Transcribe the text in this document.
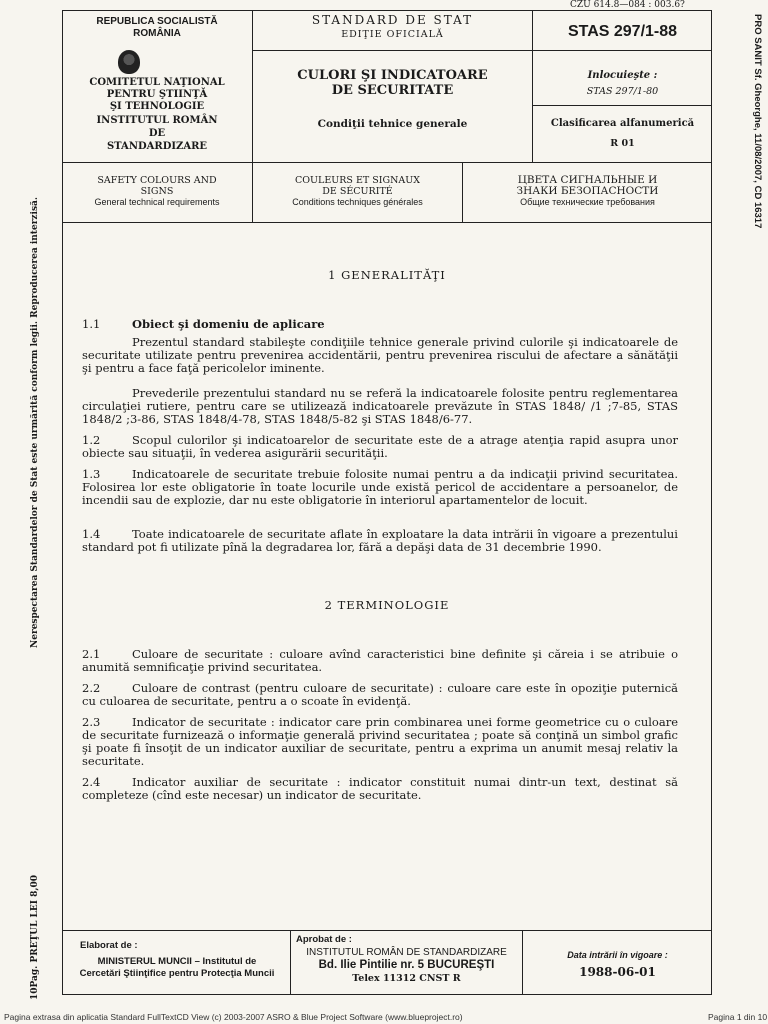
CZU 614.8—084 : 003.6?
PRO SANIT Sf. Gheorghe, 11/08/2007, CD 16317
Nerespectarea Standardelor de Stat este urmărită conform legii. Reproducerea interzisă.
10Pag. PREŢUL LEI 8,00
REPUBLICA SOCIALISTĂ
ROMÂNIA
COMITETUL NAŢIONAL
PENTRU ŞTIINŢĂ
ŞI TEHNOLOGIE
INSTITUTUL ROMÂN
DE
STANDARDIZARE
STANDARD DE STAT
EDIŢIE OFICIALĂ
CULORI ŞI INDICATOARE
DE SECURITATE
Condiţii tehnice generale
STAS 297/1-88
Inlocuieşte :
STAS 297/1-80
Clasificarea alfanumerică
R 01
SAFETY COLOURS AND
SIGNS
General technical requirements
COULEURS ET SIGNAUX
DE SÉCURITÉ
Conditions techniques générales
ЦВЕТА СИГНАЛЬНЫЕ И
ЗНАКИ БЕЗОПАСНОСТИ
Общие технические требования
1 GENERALITĂŢI
1.1	Obiect şi domeniu de aplicare
Prezentul standard stabileşte condiţiile tehnice generale privind culorile şi indicatoarele de securitate utilizate pentru prevenirea accidentării, pentru prevenirea riscului de afectare a sănătăţii şi pentru a face faţă pericolelor iminente.
Prevederile prezentului standard nu se referă la indicatoarele folosite pentru reglementarea circulaţiei rutiere, pentru care se utilizează indicatoarele prevăzute în STAS 1848/ /1 ;7-85, STAS 1848/2 ;3-86, STAS 1848/4-78, STAS 1848/5-82 şi STAS 1848/6-77.
1.2	Scopul culorilor şi indicatoarelor de securitate este de a atrage atenţia rapid asupra unor obiecte sau situaţii, în vederea asigurării securităţii.
1.3	Indicatoarele de securitate trebuie folosite numai pentru a da indicaţii privind securitatea. Folosirea lor este obligatorie în toate locurile unde există pericol de accidentare a persoanelor, de incendii sau de explozie, dar nu este obligatorie în interiorul apartamentelor de locuit.
1.4	Toate indicatoarele de securitate aflate în exploatare la data intrării în vigoare a prezentului standard pot fi utilizate pînă la degradarea lor, fără a depăşi data de 31 decembrie 1990.
2 TERMINOLOGIE
2.1	Culoare de securitate : culoare avînd caracteristici bine definite şi căreia i se atribuie o anumită semnificaţie privind securitatea.
2.2	Culoare de contrast (pentru culoare de securitate) : culoare care este în opoziţie puternică cu culoarea de securitate, pentru a o scoate în evidenţă.
2.3	Indicator de securitate : indicator care prin combinarea unei forme geometrice cu o culoare de securitate furnizează o informaţie generală privind securitatea ; poate să conţină un simbol grafic şi poate fi însoţit de un indicator auxiliar de securitate, pentru a exprima un anumit mesaj relativ la securitate.
2.4	Indicator auxiliar de securitate : indicator constituit numai dintr-un text, destinat să completeze (cînd este necesar) un indicator de securitate.
Elaborat de :
MINISTERUL MUNCII – Institutul de
Cercetări Ştiinţifice pentru Protecţia Muncii
Aprobat de :
INSTITUTUL ROMÂN DE STANDARDIZARE
Bd. Ilie Pintilie nr. 5 BUCUREŞTI
Telex 11312 CNST R
Data intrării în vigoare :
1988-06-01
Pagina extrasa din aplicatia Standard FullTextCD View (c) 2003-2007 ASRO & Blue Project Software (www.blueproject.ro)	Pagina 1 din 10
